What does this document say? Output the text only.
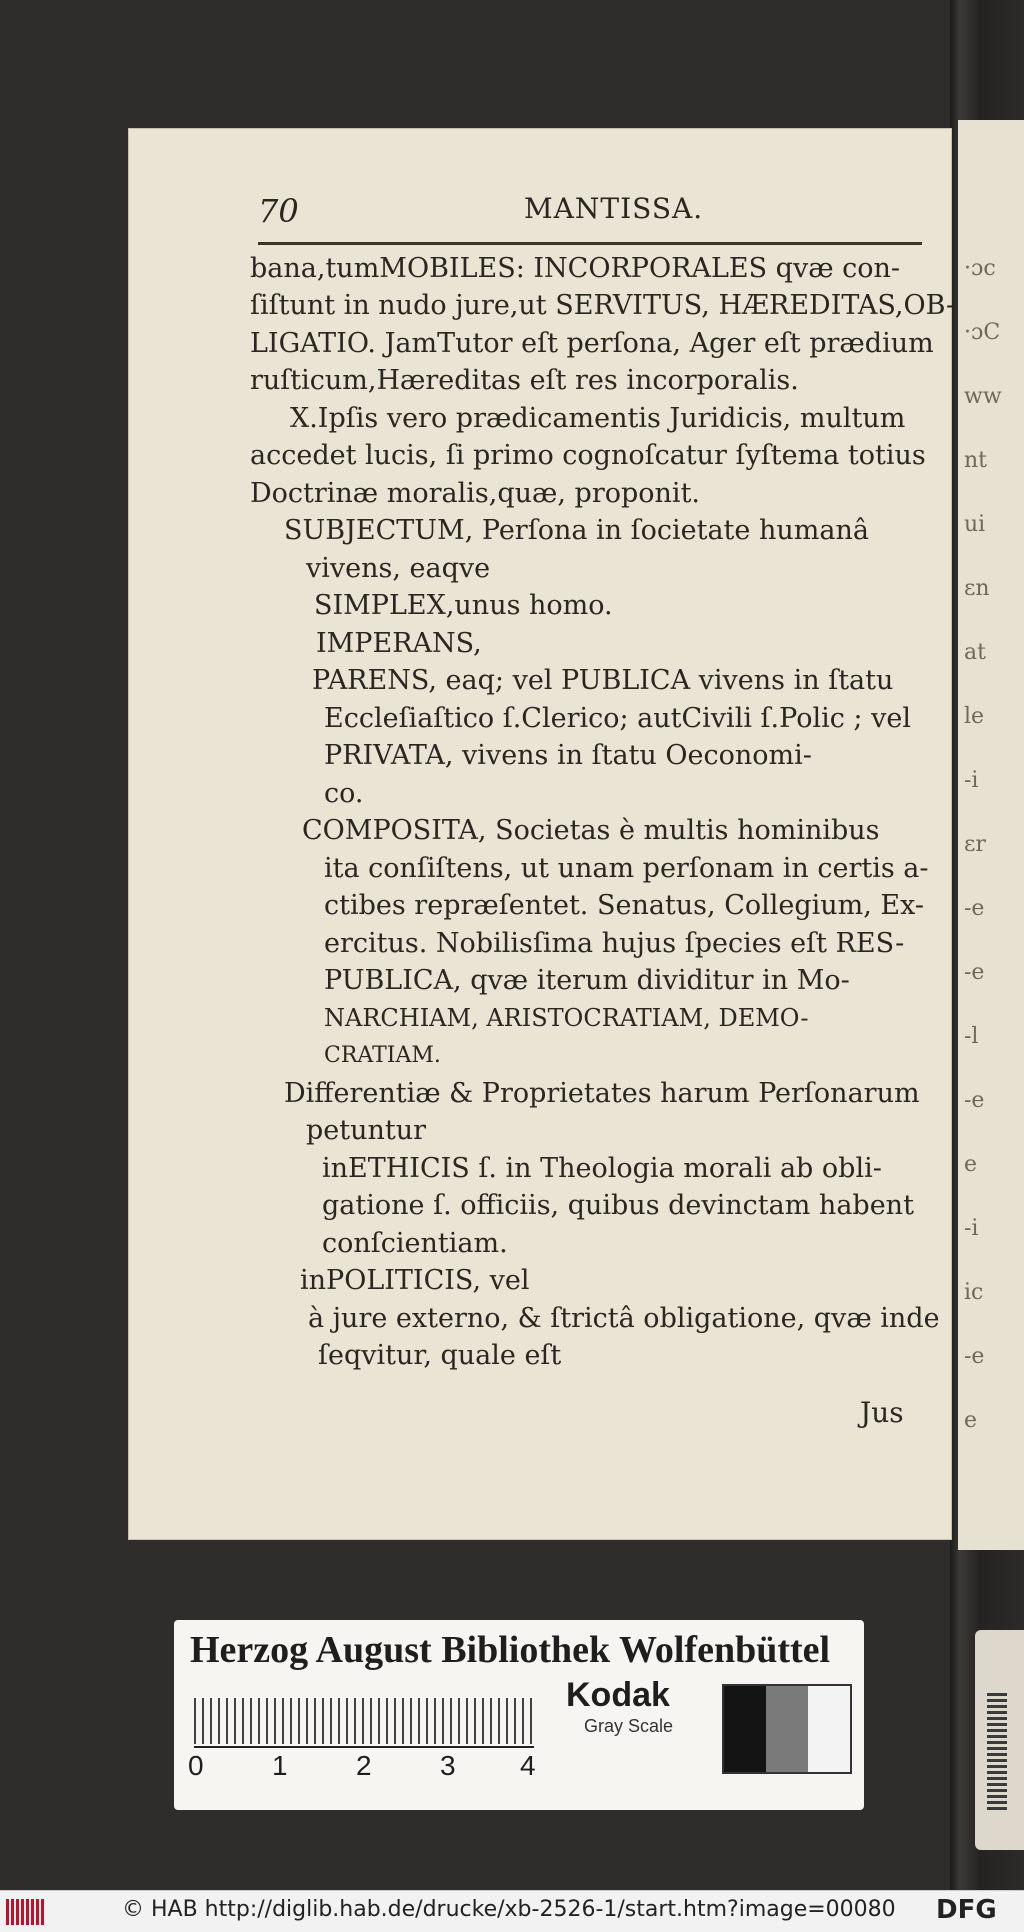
·ɔc
·ɔC
ww
nt
ui
ɛn
at
le
-i
ɛr
-e
-e
-l
-e
e
-i
ic
-e
e
70	MANTISSA.
bana,tumMOBILES: INCORPORALES qvæ con-
ſiſtunt in nudo jure,ut SERVITUS, HÆREDITAS,OB-
LIGATIO. JamTutor eſt perſona, Ager eſt prædium
ruſticum,Hæreditas eſt res incorporalis.
X.Ipſis vero prædicamentis Juridicis, multum
accedet lucis, ſi primo cognoſcatur ſyſtema totius
Doctrinæ moralis,quæ, proponit.
SUBJECTUM, Perſona in ſocietate humanâ
vivens, eaqve
SIMPLEX,unus homo.
IMPERANS,
PARENS, eaq; vel PUBLICA vivens in ſtatu
Eccleſiaſtico ſ.Clerico; autCivili ſ.Polic ; vel
PRIVATA, vivens in ſtatu Oeconomi-
co.
COMPOSITA, Societas è multis hominibus
ita conſiſtens, ut unam perſonam in certis a-
ctibes repræſentet. Senatus, Collegium, Ex-
ercitus. Nobilisſima hujus ſpecies eſt RES-
PUBLICA, qvæ iterum dividitur in Mo-
NARCHIAM, ARISTOCRATIAM, DEMO-
CRATIAM.
Differentiæ & Proprietates harum Perſonarum
petuntur
inETHICIS ſ. in Theologia morali ab obli-
gatione ſ. officiis, quibus devinctam habent
conſcientiam.
inPOLITICIS, vel
à jure externo, & ſtrictâ obligatione, qvæ inde
ſeqvitur, quale eſt
Jus
Herzog August Bibliothek Wolfenbüttel
0 1 2 3 4
Kodak
Gray Scale
© HAB http://diglib.hab.de/drucke/xb-2526-1/start.htm?image=00080 DFG
